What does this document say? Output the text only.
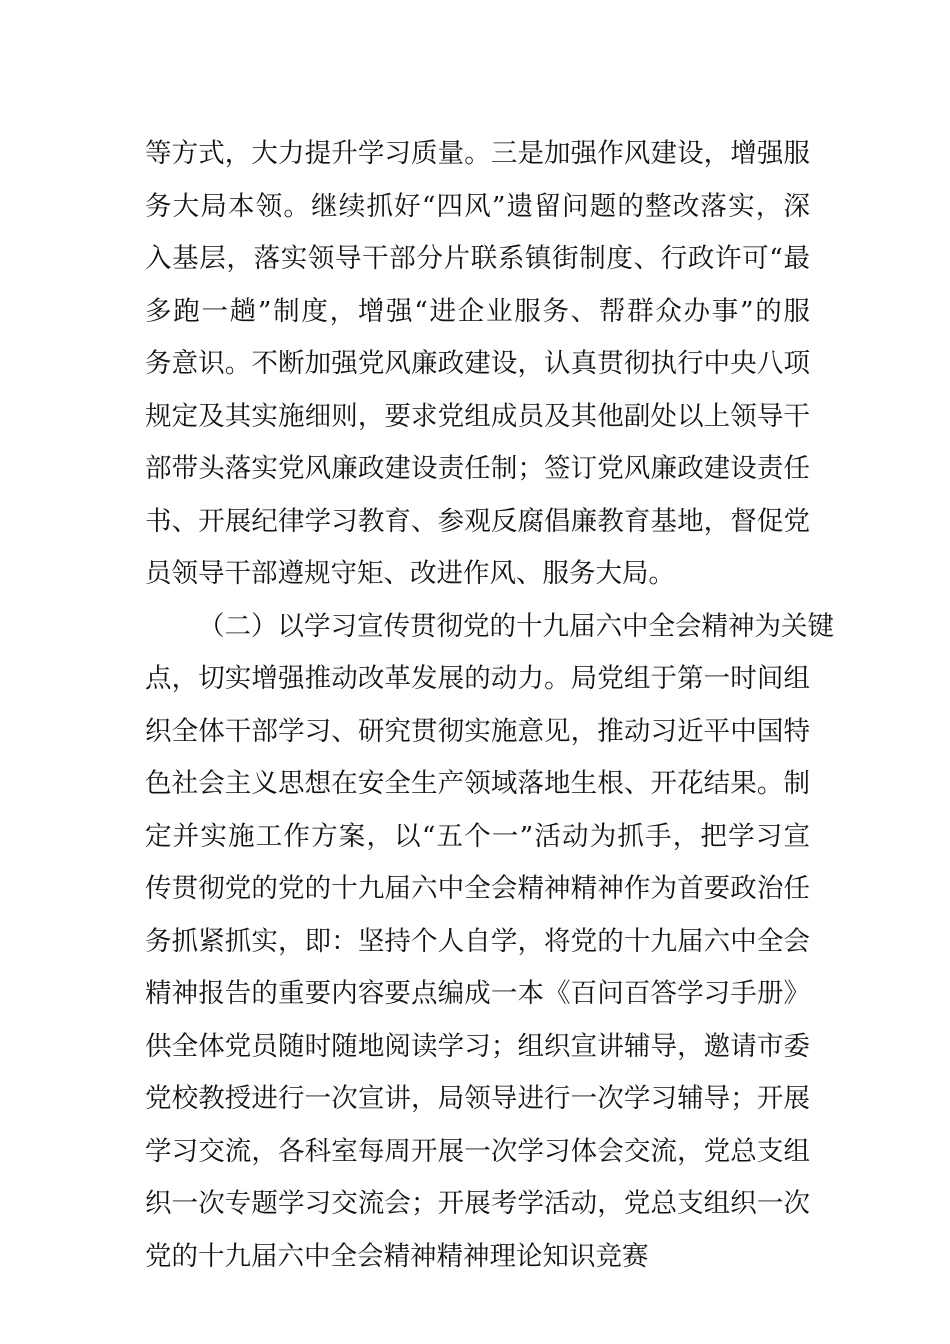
等方式，大力提升学习质量。三是加强作风建设，增强服
务大局本领。继续抓好“四风”遗留问题的整改落实，深
入基层，落实领导干部分片联系镇街制度、行政许可“最
多跑一趟”制度，增强“进企业服务、帮群众办事”的服
务意识。不断加强党风廉政建设，认真贯彻执行中央八项
规定及其实施细则，要求党组成员及其他副处以上领导干
部带头落实党风廉政建设责任制；签订党风廉政建设责任
书、开展纪律学习教育、参观反腐倡廉教育基地，督促党
员领导干部遵规守矩、改进作风、服务大局。
（二）以学习宣传贯彻党的十九届六中全会精神为关键
点，切实增强推动改革发展的动力。局党组于第一时间组
织全体干部学习、研究贯彻实施意见，推动习近平中国特
色社会主义思想在安全生产领域落地生根、开花结果。制
定并实施工作方案，以“五个一”活动为抓手，把学习宣
传贯彻党的党的十九届六中全会精神精神作为首要政治任
务抓紧抓实，即：坚持个人自学，将党的十九届六中全会
精神报告的重要内容要点编成一本《百问百答学习手册》
供全体党员随时随地阅读学习；组织宣讲辅导，邀请市委
党校教授进行一次宣讲，局领导进行一次学习辅导；开展
学习交流，各科室每周开展一次学习体会交流，党总支组
织一次专题学习交流会；开展考学活动，党总支组织一次
党的十九届六中全会精神精神理论知识竞赛
